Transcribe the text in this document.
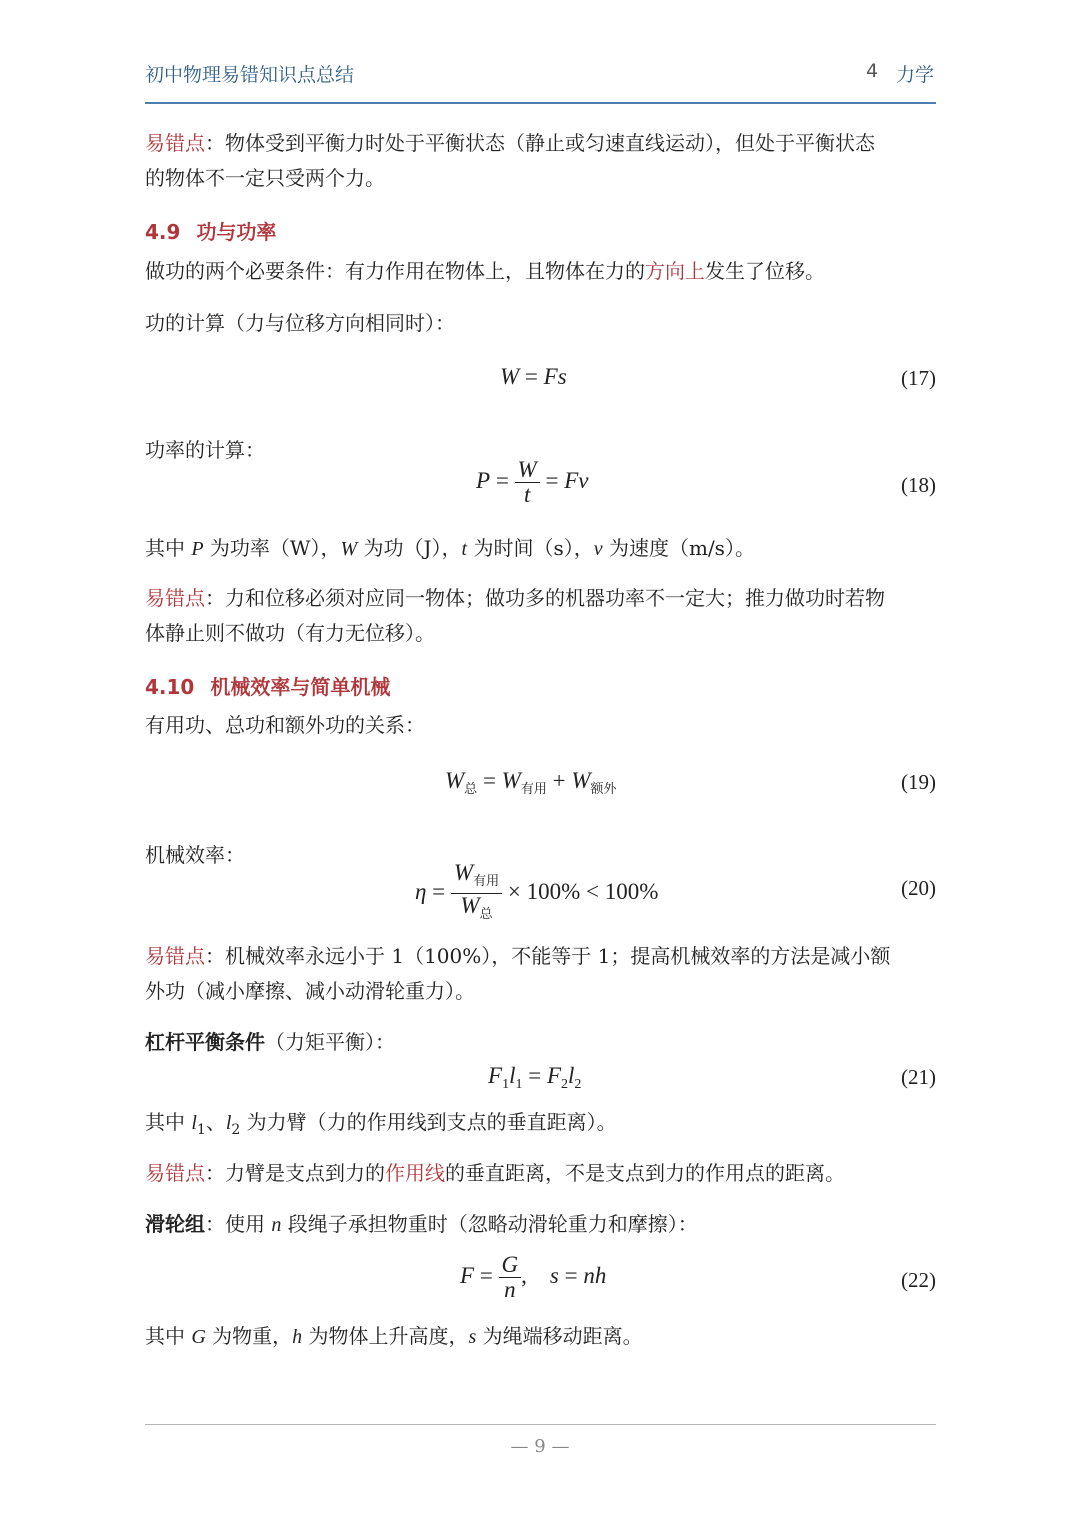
初中物理易错知识点总结	4 力学
易错点：物体受到平衡力时处于平衡状态（静止或匀速直线运动），但处于平衡状态
的物体不一定只受两个力。
4.9 功与功率
做功的两个必要条件：有力作用在物体上，且物体在力的方向上发生了位移。
功的计算（力与位移方向相同时）：
W = Fs	(17)
功率的计算：
$P = \frac{W}{t} = Fv$	(18)
其中 P 为功率（W），W 为功（J），t 为时间（s），v 为速度（m/s）。
易错点：力和位移必须对应同一物体；做功多的机器功率不一定大；推力做功时若物
体静止则不做功（有力无位移）。
4.10 机械效率与简单机械
有用功、总功和额外功的关系：
$W_总 = W_{有用} + W_{额外}$	(19)
机械效率：
$\eta = \frac{W_{有用}}{W_总} \times 100\% < 100\%$	(20)
易错点：机械效率永远小于 1（100%），不能等于 1；提高机械效率的方法是减小额
外功（减小摩擦、减小动滑轮重力）。
杠杆平衡条件（力矩平衡）：
$F_1l_1 = F_2l_2$	(21)
其中 $l_1$、$l_2$ 为力臂（力的作用线到支点的垂直距离）。
易错点：力臂是支点到力的作用线的垂直距离，不是支点到力的作用点的距离。
滑轮组：使用 n 段绳子承担物重时（忽略动滑轮重力和摩擦）：
$F = \frac{G}{n}$ ,    s = nh	(22)
其中 G 为物重，h 为物体上升高度，s 为绳端移动距离。
— 9 —
